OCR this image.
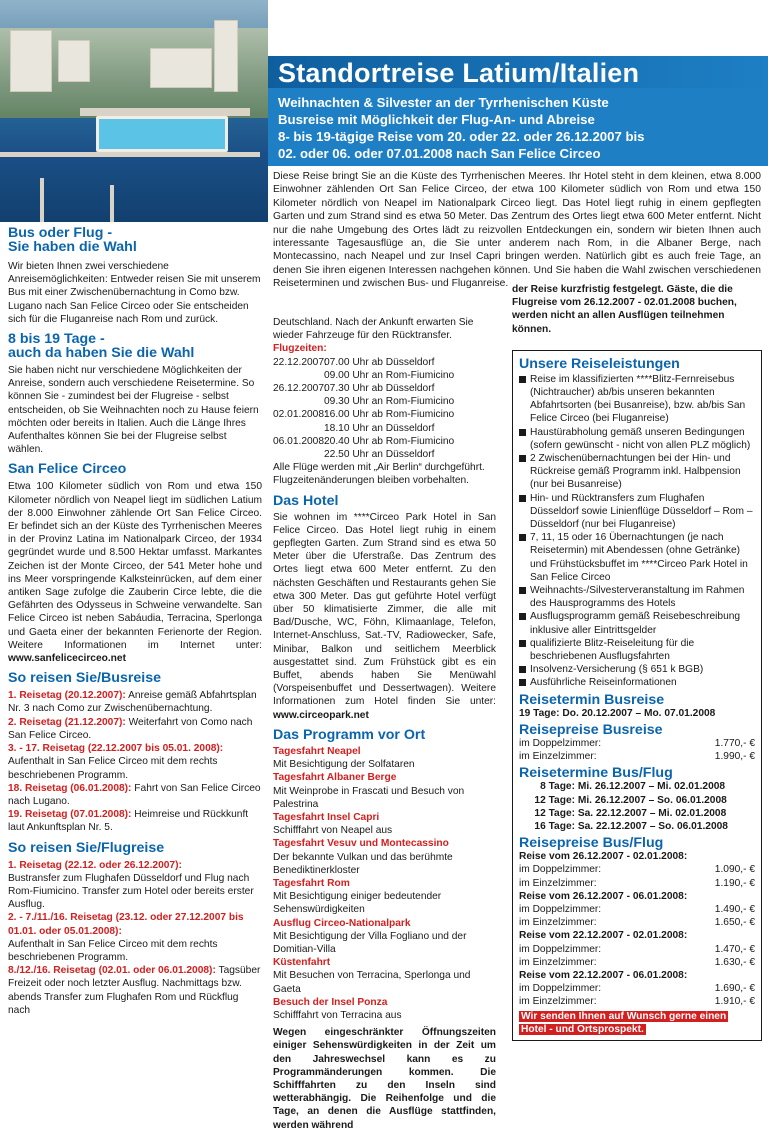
Standortreise Latium/Italien
Weihnachten & Silvester an der Tyrrhenischen Küste
Busreise mit Möglichkeit der Flug-An- und Abreise
8- bis 19-tägige Reise vom 20. oder 22. oder 26.12.2007 bis
02. oder 06. oder 07.01.2008 nach San Felice Circeo
Diese Reise bringt Sie an die Küste des Tyrrhenischen Meeres. Ihr Hotel steht in dem kleinen, etwa 8.000 Einwohner zählenden Ort San Felice Circeo, der etwa 100 Kilometer südlich von Rom und etwa 150 Kilometer nördlich von Neapel im Nationalpark Circeo liegt. Das Hotel liegt ruhig in einem gepflegten Garten und zum Strand sind es etwa 50 Meter. Das Zentrum des Ortes liegt etwa 600 Meter entfernt. Nicht nur die nahe Umgebung des Ortes lädt zu reizvollen Entdeckungen ein, sondern wir bieten Ihnen auch interessante Tagesausflüge an, die Sie unter anderem nach Rom, in die Albaner Berge, nach Montecassino, nach Neapel und zur Insel Capri bringen werden. Natürlich gibt es auch freie Tage, an denen Sie ihren eigenen Interessen nachgehen können. Und Sie haben die Wahl zwischen verschiedenen Reiseterminen und zwischen Bus- und Fluganreise.
Bus oder Flug -
Sie haben die Wahl
Wir bieten Ihnen zwei verschiedene Anreisemöglichkeiten: Entweder reisen Sie mit unserem Bus mit einer Zwischenübernachtung in Como bzw. Lugano nach San Felice Circeo oder Sie entscheiden sich für die Fluganreise nach Rom und zurück.
8 bis 19 Tage -
auch da haben Sie die Wahl
Sie haben nicht nur verschiedene Möglichkeiten der Anreise, sondern auch verschiedene Reisetermine. So können Sie - zumindest bei der Flugreise - selbst entscheiden, ob Sie Weihnachten noch zu Hause feiern möchten oder bereits in Italien. Auch die Länge Ihres Aufenthaltes können Sie bei der Flugreise selbst wählen.
San Felice Circeo
Etwa 100 Kilometer südlich von Rom und etwa 150 Kilometer nördlich von Neapel liegt im südlichen Latium der 8.000 Einwohner zählende Ort San Felice Circeo. Er befindet sich an der Küste des Tyrrhenischen Meeres in der Provinz Latina im Nationalpark Circeo, der 1934 gegründet wurde und 8.500 Hektar umfasst. Markantes Zeichen ist der Monte Circeo, der 541 Meter hohe und ins Meer vorspringende Kalksteinrücken, auf dem einer antiken Sage zufolge die Zauberin Circe lebte, die die Gefährten des Odysseus in Schweine verwandelte. San Felice Circeo ist neben Sabáudia, Terracina, Sperlonga und Gaeta einer der bekannten Ferienorte der Region. Weitere Informationen im Internet unter: www.sanfelicecirceo.net
So reisen Sie/Busreise
1. Reisetag (20.12.2007): Anreise gemäß Abfahrtsplan Nr. 3 nach Como zur Zwischenübernachtung.
2. Reisetag (21.12.2007): Weiterfahrt von Como nach San Felice Circeo.
3. - 17. Reisetag (22.12.2007 bis 05.01. 2008): Aufenthalt in San Felice Circeo mit dem rechts beschriebenen Programm.
18. Reisetag (06.01.2008): Fahrt von San Felice Circeo nach Lugano.
19. Reisetag (07.01.2008): Heimreise und Rückkunft laut Ankunftsplan Nr. 5.
So reisen Sie/Flugreise
1. Reisetag (22.12. oder 26.12.2007):
Bustransfer zum Flughafen Düsseldorf und Flug nach Rom-Fiumicino. Transfer zum Hotel oder bereits erster Ausflug.
2. - 7./11./16. Reisetag (23.12. oder 27.12.2007 bis 01.01. oder 05.01.2008):
Aufenthalt in San Felice Circeo mit dem rechts beschriebenen Programm.
8./12./16. Reisetag (02.01. oder 06.01.2008): Tagsüber Freizeit oder noch letzter Ausflug. Nachmittags bzw. abends Transfer zum Flughafen Rom und Rückflug nach
Deutschland. Nach der Ankunft erwarten Sie wieder Fahrzeuge für den Rücktransfer.
Flugzeiten:
22.12.2007:
07.00 Uhr ab Düsseldorf
09.00 Uhr an Rom-Fiumicino
26.12.2007:
07.30 Uhr ab Düsseldorf
09.30 Uhr an Rom-Fiumicino
02.01.2008:
16.00 Uhr ab Rom-Fiumicino
18.10 Uhr an Düsseldorf
06.01.2008:
20.40 Uhr ab Rom-Fiumicino
22.50 Uhr an Düsseldorf
Alle Flüge werden mit „Air Berlin“ durchgeführt. Flugzeitenänderungen bleiben vorbehalten.
Das Hotel
Sie wohnen im ****Circeo Park Hotel in San Felice Circeo. Das Hotel liegt ruhig in einem gepflegten Garten. Zum Strand sind es etwa 50 Meter über die Uferstraße. Das Zentrum des Ortes liegt etwa 600 Meter entfernt. Zu den nächsten Geschäften und Restaurants gehen Sie etwa 300 Meter. Das gut geführte Hotel verfügt über 50 klimatisierte Zimmer, die alle mit Bad/Dusche, WC, Föhn, Klimaanlage, Telefon, Internet-Anschluss, Sat.-TV, Radiowecker, Safe, Minibar, Balkon und seitlichem Meerblick ausgestattet sind. Zum Frühstück gibt es ein Buffet, abends haben Sie Menüwahl (Vorspeisenbuffet und Dessertwagen). Weitere Informationen zum Hotel finden Sie unter: www.circeopark.net
Das Programm vor Ort
Tagesfahrt Neapel
Mit Besichtigung der Solfataren
Tagesfahrt Albaner Berge
Mit Weinprobe in Frascati und Besuch von Palestrina
Tagesfahrt Insel Capri
Schifffahrt von Neapel aus
Tagesfahrt Vesuv und Montecassino
Der bekannte Vulkan und das berühmte Benediktinerkloster
Tagesfahrt Rom
Mit Besichtigung einiger bedeutender Sehenswürdigkeiten
Ausflug Circeo-Nationalpark
Mit Besichtigung der Villa Fogliano und der Domitian-Villa
Küstenfahrt
Mit Besuchen von Terracina, Sperlonga und Gaeta
Besuch der Insel Ponza
Schifffahrt von Terracina aus
Wegen eingeschränkter Öffnungszeiten einiger Sehenswürdigkeiten in der Zeit um den Jahreswechsel kann es zu Programmänderungen kommen. Die Schifffahrten zu den Inseln sind wetterabhängig. Die Reihenfolge und die Tage, an denen die Ausflüge stattfinden, werden während
der Reise kurzfristig festgelegt. Gäste, die die Flugreise vom 26.12.2007 - 02.01.2008 buchen, werden nicht an allen Ausflügen teilnehmen können.
Unsere Reiseleistungen
Reise im klassifizierten ****Blitz-Fernreisebus (Nichtraucher) ab/bis unseren bekannten Abfahrtsorten (bei Busanreise), bzw. ab/bis San Felice Circeo (bei Fluganreise)
Haustürabholung gemäß unseren Bedingungen (sofern gewünscht - nicht von allen PLZ möglich)
2 Zwischenübernachtungen bei der Hin- und Rückreise gemäß Programm inkl. Halbpension (nur bei Busanreise)
Hin- und Rücktransfers zum Flughafen Düsseldorf sowie Linienflüge Düsseldorf – Rom – Düsseldorf (nur bei Fluganreise)
7, 11, 15 oder 16 Übernachtungen (je nach Reisetermin) mit Abendessen (ohne Getränke) und Frühstücksbuffet im ****Circeo Park Hotel in San Felice Circeo
Weihnachts-/Silvesterveranstaltung im Rahmen des Hausprogramms des Hotels
Ausflugsprogramm gemäß Reisebeschreibung inklusive aller Eintrittsgelder
qualifizierte Blitz-Reiseleitung für die beschriebenen Ausflugsfahrten
Insolvenz-Versicherung (§ 651 k BGB)
Ausführliche Reiseinformationen
Reisetermin Busreise
19 Tage: Do. 20.12.2007 – Mo. 07.01.2008
Reisepreise Busreise
im Doppelzimmer:	1.770,- €
im Einzelzimmer:	1.990,- €
Reisetermine Bus/Flug
8 Tage: Mi. 26.12.2007 – Mi. 02.01.2008
12 Tage: Mi. 26.12.2007 – So. 06.01.2008
12 Tage: Sa. 22.12.2007 – Mi. 02.01.2008
16 Tage: Sa. 22.12.2007 – So. 06.01.2008
Reisepreise Bus/Flug
Reise vom 26.12.2007 - 02.01.2008:
im Doppelzimmer:	1.090,- €
im Einzelzimmer:	1.190,- €
Reise vom 26.12.2007 - 06.01.2008:
im Doppelzimmer:	1.490,- €
im Einzelzimmer:	1.650,- €
Reise vom 22.12.2007 - 02.01.2008:
im Doppelzimmer:	1.470,- €
im Einzelzimmer:	1.630,- €
Reise vom 22.12.2007 - 06.01.2008:
im Doppelzimmer:	1.690,- €
im Einzelzimmer:	1.910,- €
Wir senden Ihnen auf Wunsch gerne einen
Hotel - und Ortsprospekt.
